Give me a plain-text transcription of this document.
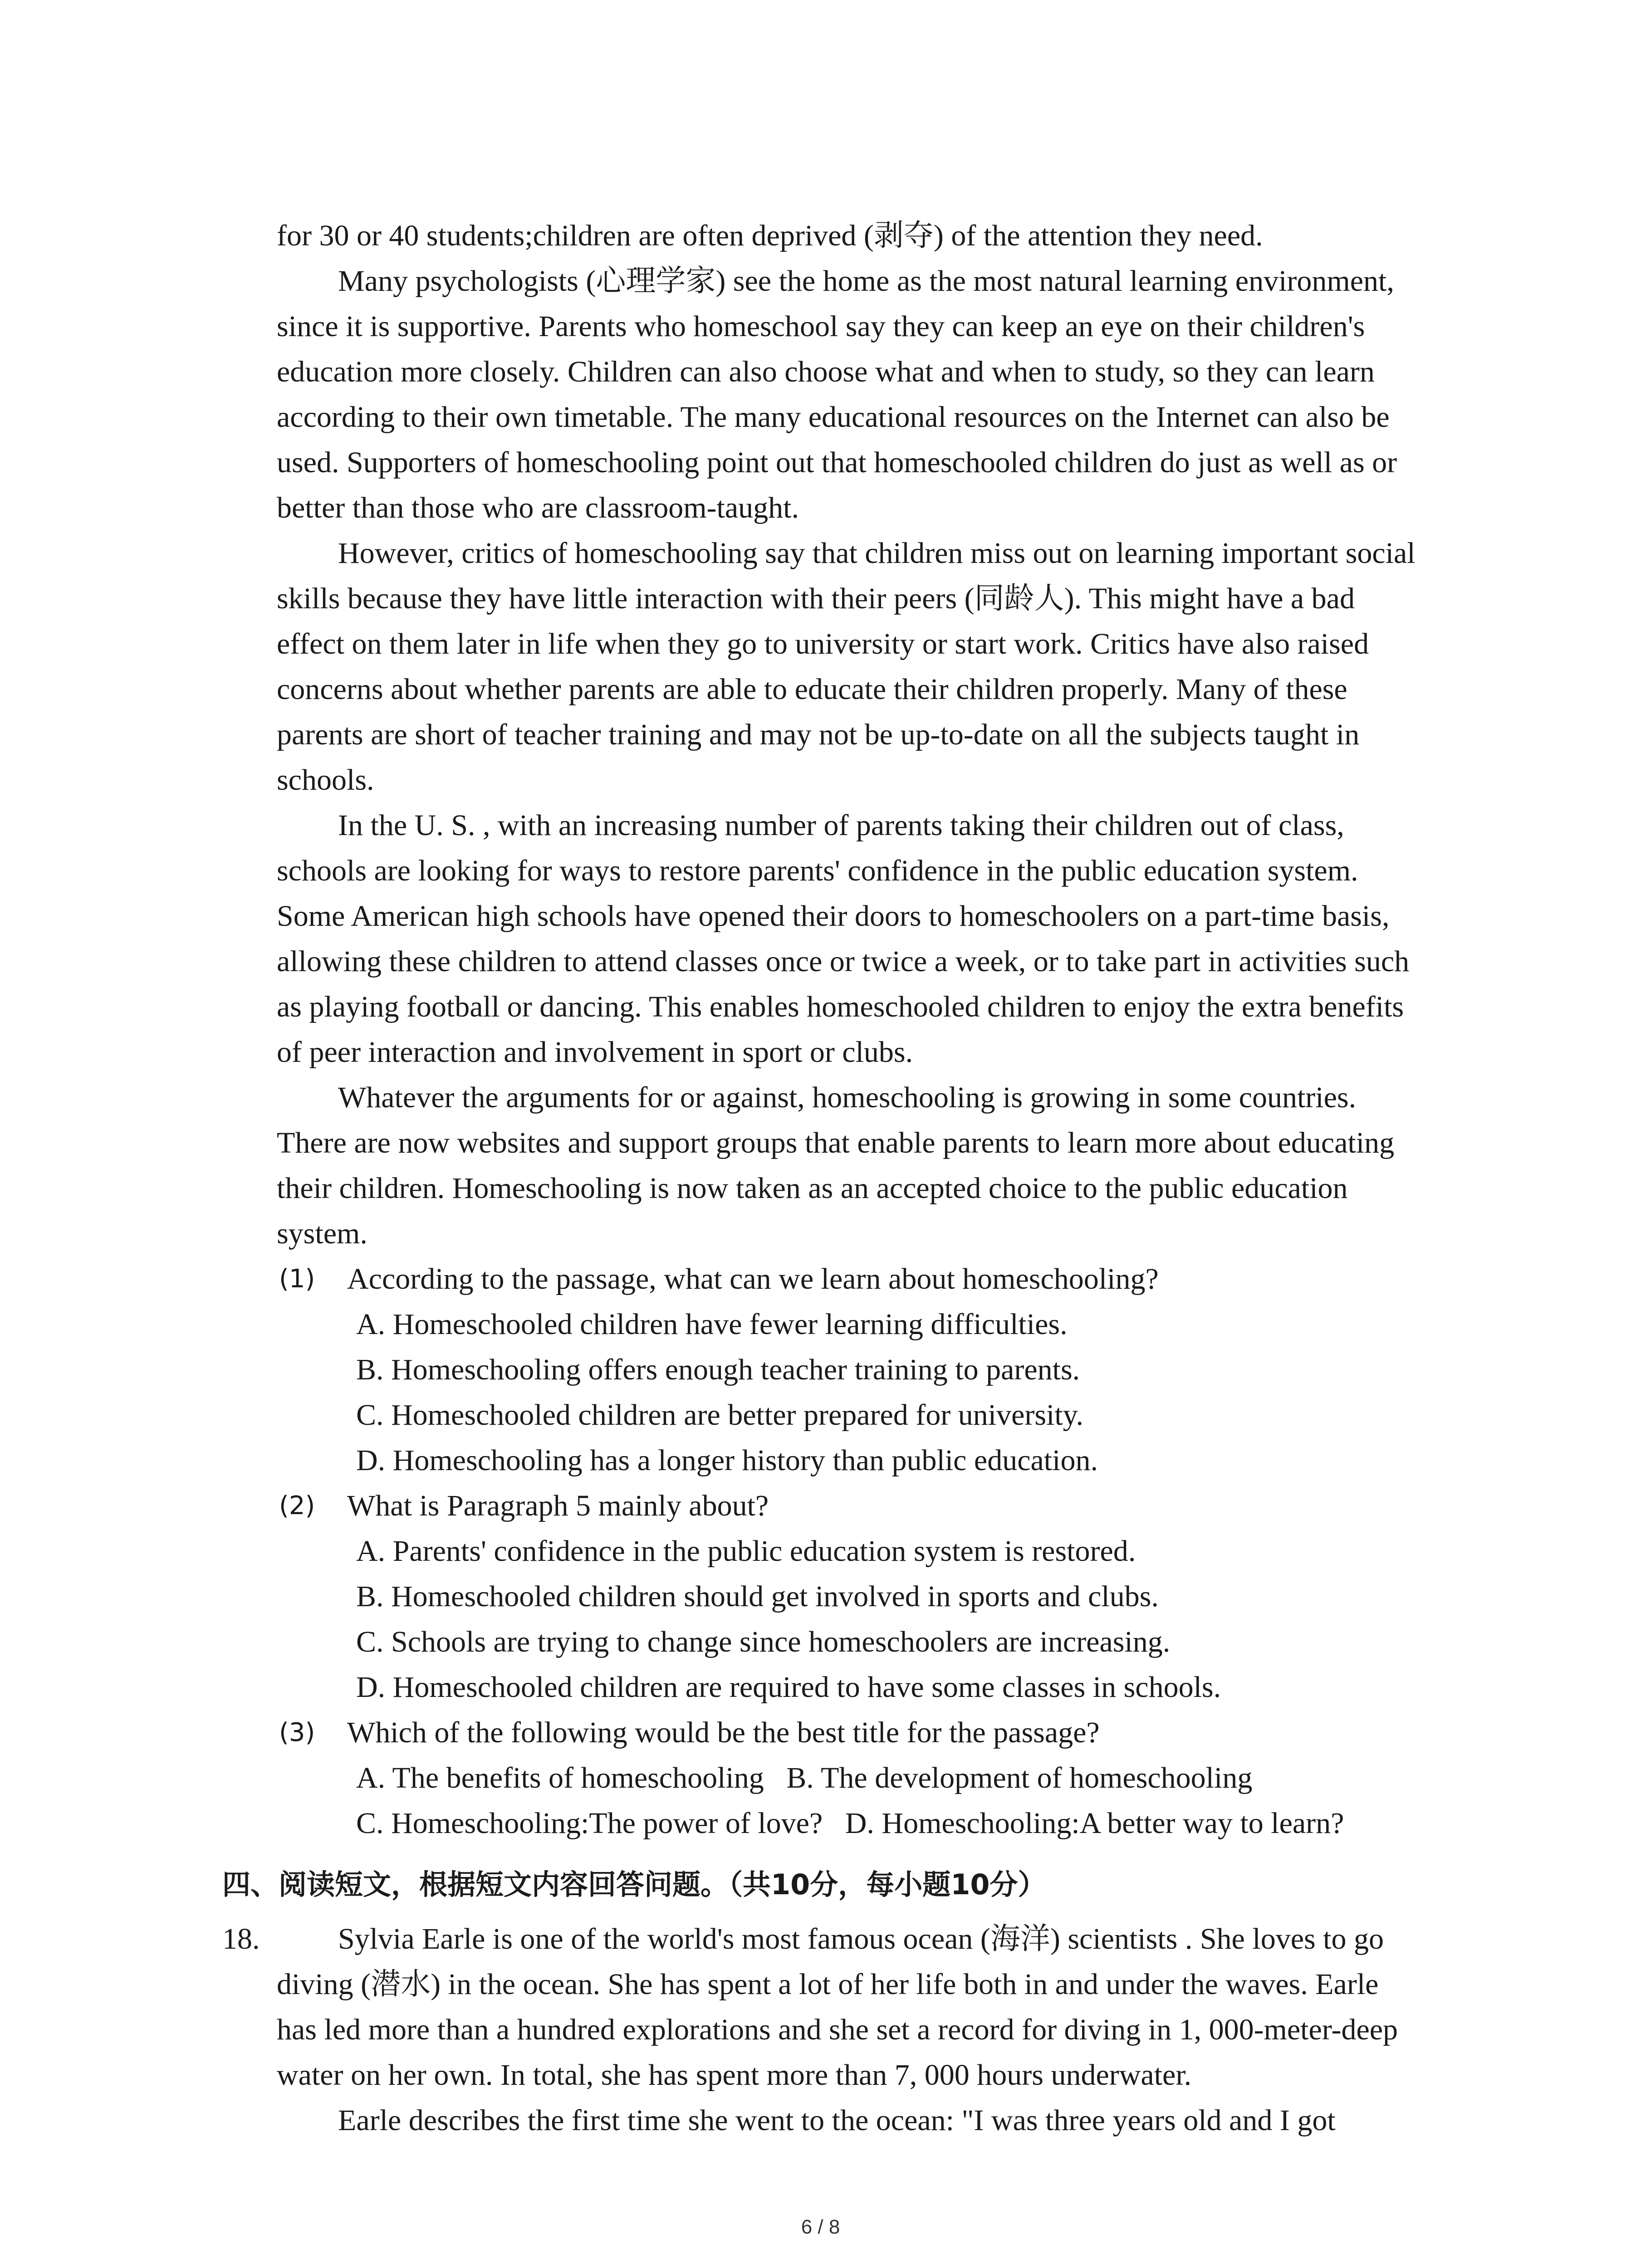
for 30 or 40 students;children are often deprived (剥夺) of the attention they need.
Many psychologists (心理学家) see the home as the most natural learning environment,
since it is supportive. Parents who homeschool say they can keep an eye on their children's
education more closely. Children can also choose what and when to study, so they can learn
according to their own timetable. The many educational resources on the Internet can also be
used. Supporters of homeschooling point out that homeschooled children do just as well as or
better than those who are classroom-taught.
However, critics of homeschooling say that children miss out on learning important social
skills because they have little interaction with their peers (同龄人). This might have a bad
effect on them later in life when they go to university or start work. Critics have also raised
concerns about whether parents are able to educate their children properly. Many of these
parents are short of teacher training and may not be up-to-date on all the subjects taught in
schools.
In the U. S. , with an increasing number of parents taking their children out of class,
schools are looking for ways to restore parents' confidence in the public education system.
Some American high schools have opened their doors to homeschoolers on a part-time basis,
allowing these children to attend classes once or twice a week, or to take part in activities such
as playing football or dancing. This enables homeschooled children to enjoy the extra benefits
of peer interaction and involvement in sport or clubs.
Whatever the arguments for or against, homeschooling is growing in some countries.
There are now websites and support groups that enable parents to learn more about educating
their children. Homeschooling is now taken as an accepted choice to the public education
system.
(1) According to the passage, what can we learn about homeschooling?
A. Homeschooled children have fewer learning difficulties.
B. Homeschooling offers enough teacher training to parents.
C. Homeschooled children are better prepared for university.
D. Homeschooling has a longer history than public education.
(2) What is Paragraph 5 mainly about?
A. Parents' confidence in the public education system is restored.
B. Homeschooled children should get involved in sports and clubs.
C. Schools are trying to change since homeschoolers are increasing.
D. Homeschooled children are required to have some classes in schools.
(3) Which of the following would be the best title for the passage?
A. The benefits of homeschooling   B. The development of homeschooling
C. Homeschooling:The power of love?   D. Homeschooling:A better way to learn?
四、阅读短文，根据短文内容回答问题。（共10分，每小题10分）
18.	Sylvia Earle is one of the world's most famous ocean (海洋) scientists . She loves to go
diving (潜水) in the ocean. She has spent a lot of her life both in and under the waves. Earle
has led more than a hundred explorations and she set a record for diving in 1, 000-meter-deep
water on her own. In total, she has spent more than 7, 000 hours underwater.
Earle describes the first time she went to the ocean: "I was three years old and I got
6 / 8
